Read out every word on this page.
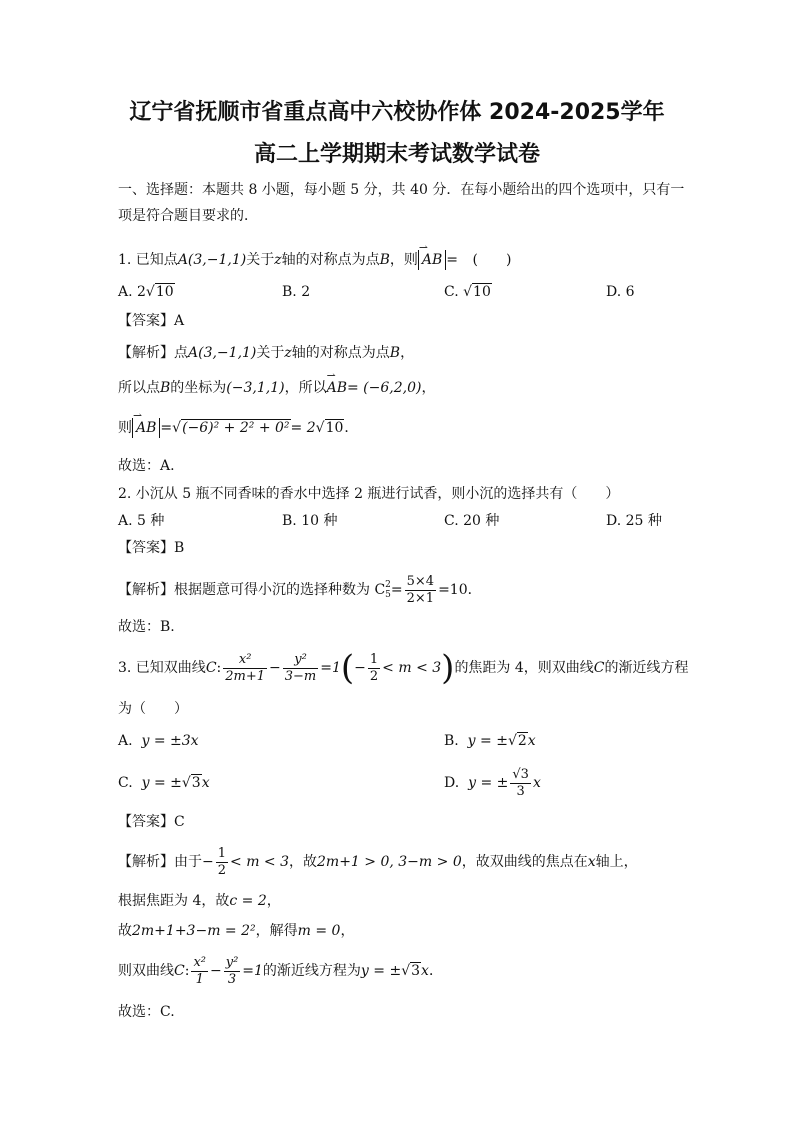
辽宁省抚顺市省重点高中六校协作体 2024-2025学年
高二上学期期末考试数学试卷
一、选择题：本题共 8 小题，每小题 5 分，共 40 分．在每小题给出的四个选项中，只有一
项是符合题目要求的．
1. 已知点A(3,−1,1)关于z轴的对称点为点B，则 ⇀ AB = (　　)
A. 2√10	B. 2	C. √10	D. 6
【答案】A
【解析】点A(3,−1,1)关于z轴的对称点为点B，
所以点B的坐标为(−3,1,1)，所以⇀ AB= (−6,2,0)，
则 ⇀ AB =√(−6)² + 2² + 0²= 2√10．
故选：A.
2. 小沉从 5 瓶不同香味的香水中选择 2 瓶进行试香，则小沉的选择共有（　　）
A. 5 种	B. 10 种	C. 20 种	D. 25 种
【答案】B
【解析】根据题意可得小沉的选择种数为 C 2
$5 = \frac{5\times 4}{2\times 1} =10$．
故选：B.
3. 已知双曲线C: $\frac{\text{x²}}{2m+1} - \frac{\text{y²}}{3-m} =1(- \frac{1}{2} < m < 3)$的焦距为 4，则双曲线C的渐近线方程
为（　　）
A. y = ±3x	B. y = ±√2x
C. y = ±√3x	D. y = ± $\frac{√3}{3}$ x
【答案】C
【解析】由于− $\frac{1}{2} < m < 3$，故2m+1 > 0, 3−m > 0，故双曲线的焦点在x轴上，
根据焦距为 4，故c = 2，
故2m+1+3−m = 2²，解得m = 0，
则双曲线C: $\frac{\text{x²}}{1} - \frac{\text{y²}}{3} =1$的渐近线方程为y = ±√3x．
故选：C.
